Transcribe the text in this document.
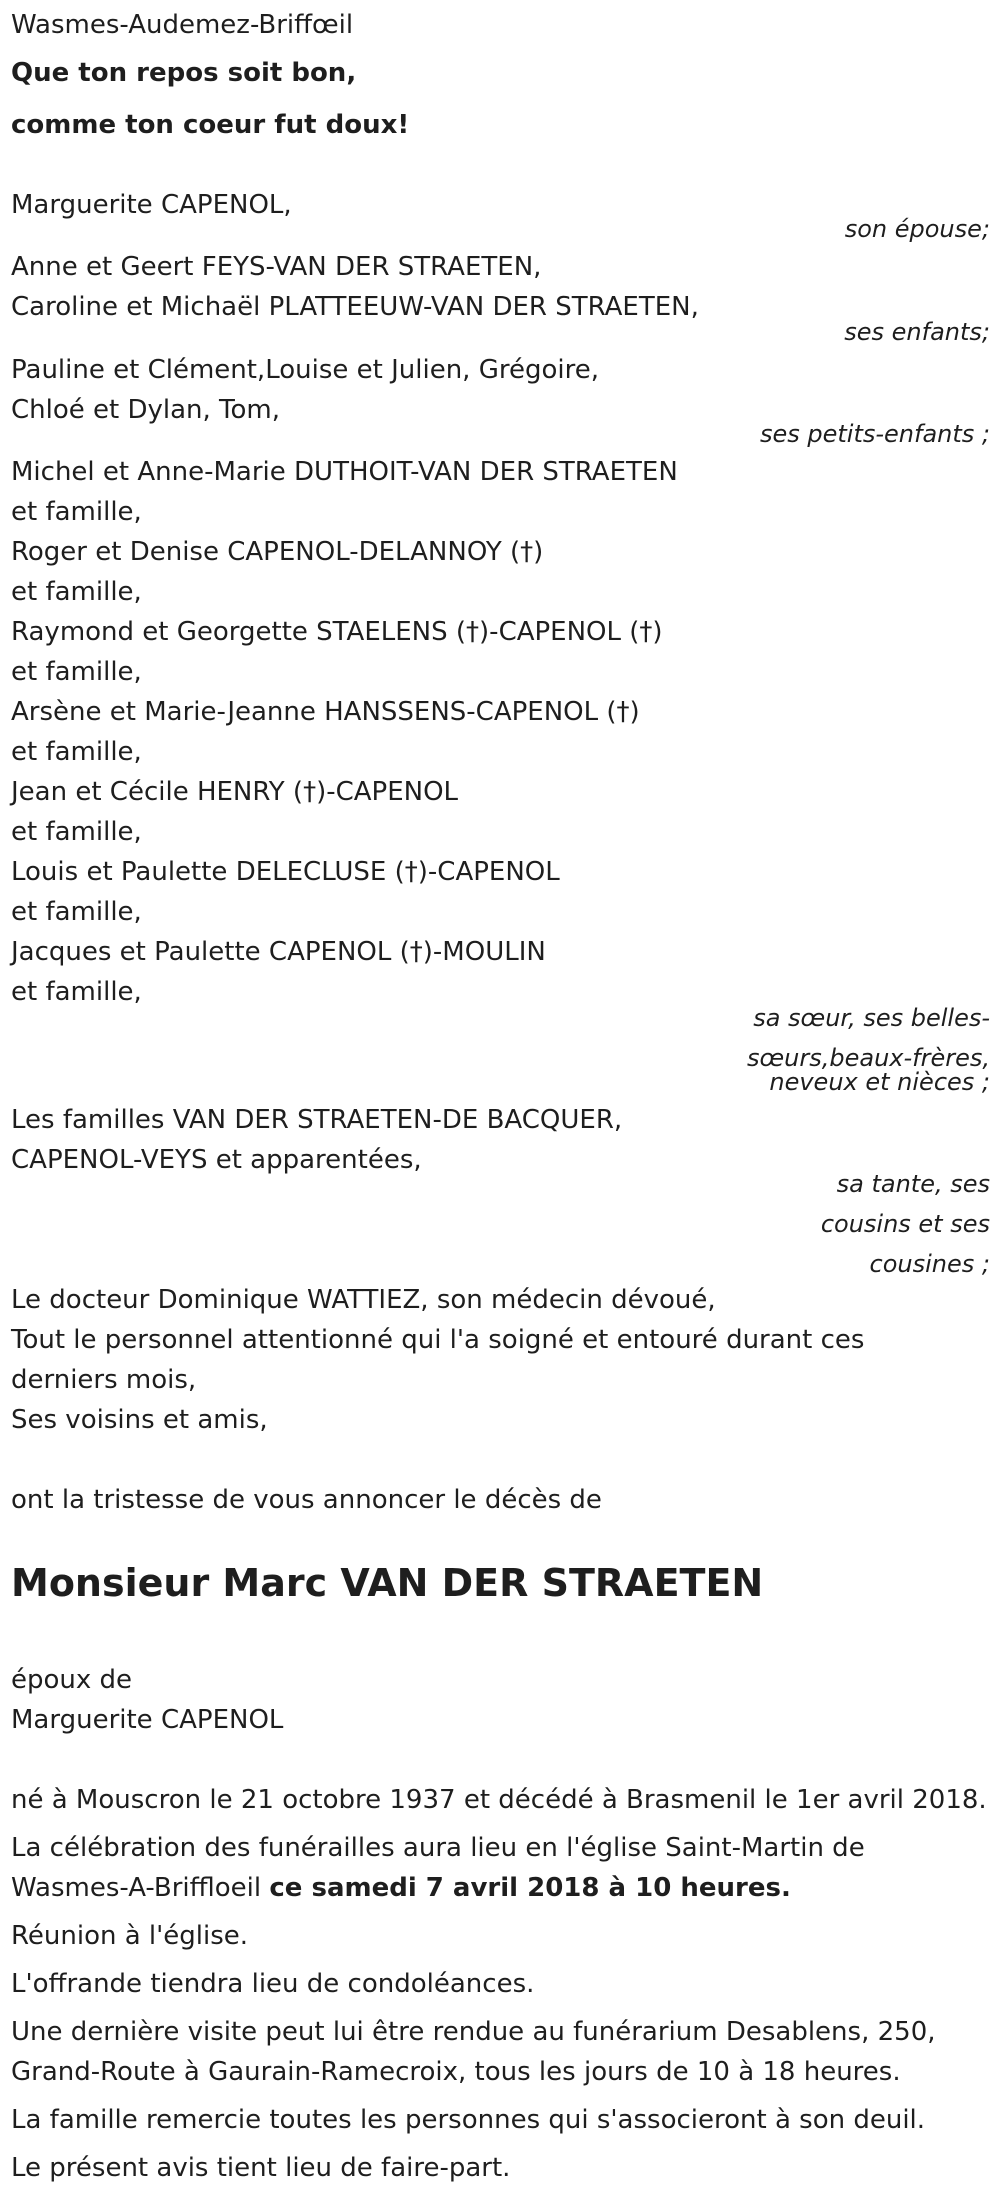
Wasmes-Audemez-Briffœil
Que ton repos soit bon,
comme ton coeur fut doux!
Marguerite CAPENOL,
son épouse;
Anne et Geert FEYS-VAN DER STRAETEN,
Caroline et Michaël PLATTEEUW-VAN DER STRAETEN,
ses enfants;
Pauline et Clément,Louise et Julien, Grégoire,
Chloé et Dylan, Tom,
ses petits-enfants ;
Michel et Anne-Marie DUTHOIT-VAN DER STRAETEN
et famille,
Roger et Denise CAPENOL-DELANNOY (†)
et famille,
Raymond et Georgette STAELENS (†)-CAPENOL (†)
et famille,
Arsène et Marie-Jeanne HANSSENS-CAPENOL (†)
et famille,
Jean et Cécile HENRY (†)-CAPENOL
et famille,
Louis et Paulette DELECLUSE (†)-CAPENOL
et famille,
Jacques et Paulette CAPENOL (†)-MOULIN
et famille,
sa sœur, ses belles-
sœurs,beaux-frères,
neveux et nièces ;
Les familles VAN DER STRAETEN-DE BACQUER,
CAPENOL-VEYS et apparentées,
sa tante, ses
cousins et ses
cousines ;
Le docteur Dominique WATTIEZ, son médecin dévoué,
Tout le personnel attentionné qui l'a soigné et entouré durant ces
derniers mois,
Ses voisins et amis,
ont la tristesse de vous annoncer le décès de
Monsieur Marc VAN DER STRAETEN
époux de
Marguerite CAPENOL
né à Mouscron le 21 octobre 1937 et décédé à Brasmenil le 1er avril 2018.
La célébration des funérailles aura lieu en l'église Saint-Martin de
Wasmes-A-Briffloeil ce samedi 7 avril 2018 à 10 heures.
Réunion à l'église.
L'offrande tiendra lieu de condoléances.
Une dernière visite peut lui être rendue au funérarium Desablens, 250,
Grand-Route à Gaurain-Ramecroix, tous les jours de 10 à 18 heures.
La famille remercie toutes les personnes qui s'associeront à son deuil.
Le présent avis tient lieu de faire-part.
